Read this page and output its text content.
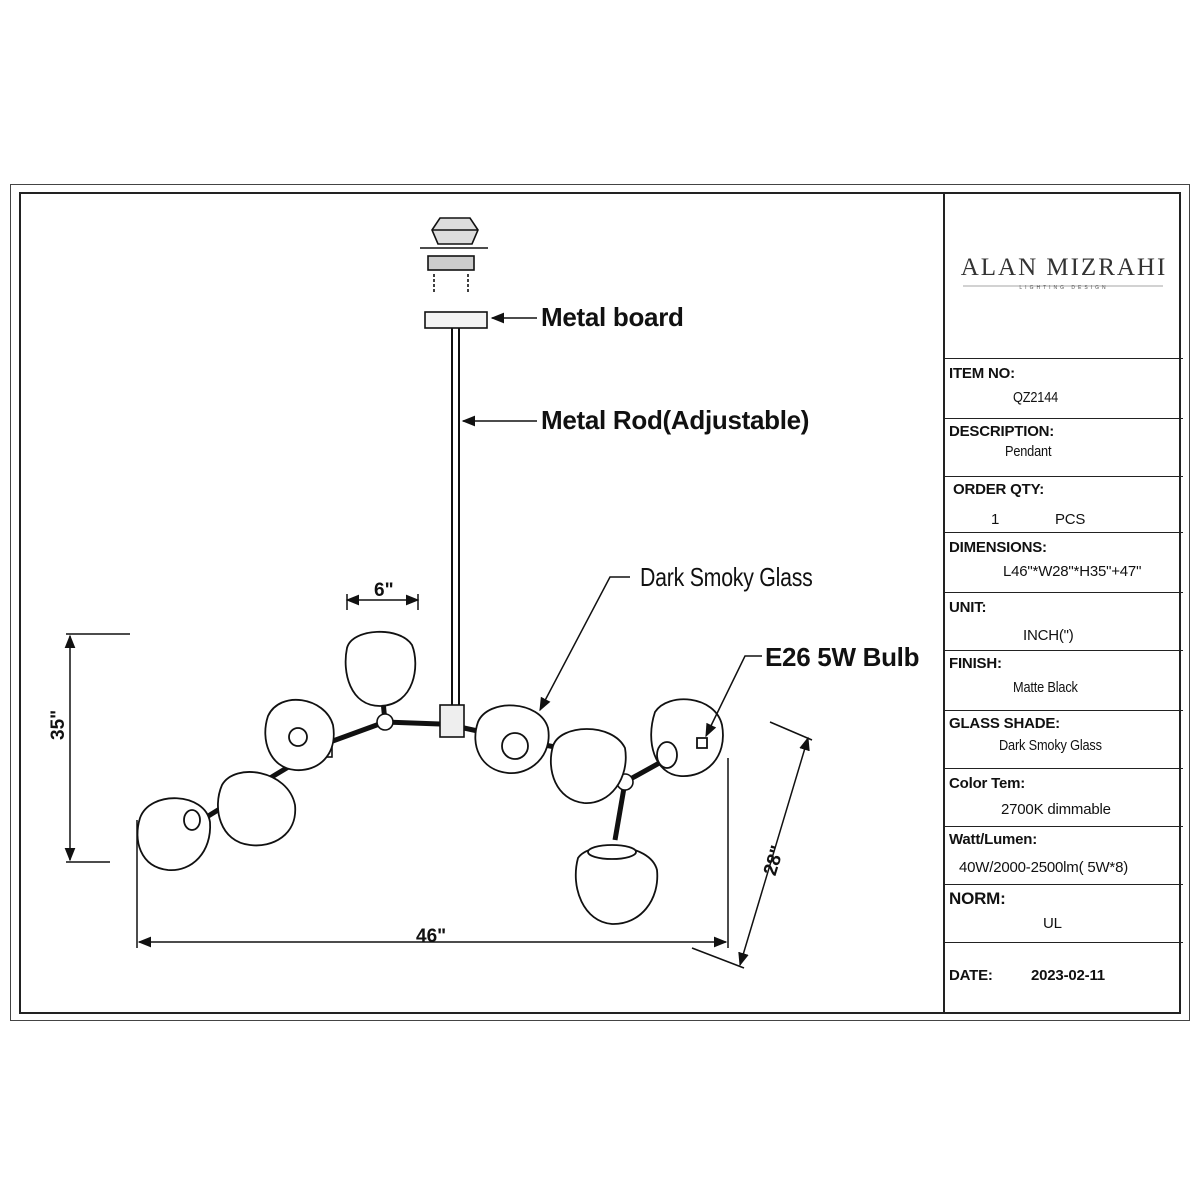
Metal board
Metal Rod(Adjustable)
Dark Smoky Glass
E26 5W Bulb
6"
35"
46"
28"
ALAN MIZRAHI
LIGHTING DESIGN
ITEM NO:
QZ2144
DESCRIPTION:
Pendant
ORDER QTY:
1	PCS
DIMENSIONS:
L46"*W28"*H35"+47"
UNIT:
INCH(")
FINISH:
Matte Black
GLASS SHADE:
Dark Smoky Glass
Color Tem:
2700K dimmable
Watt/Lumen:
40W/2000-2500lm( 5W*8)
NORM:
UL
DATE:	2023-02-11
